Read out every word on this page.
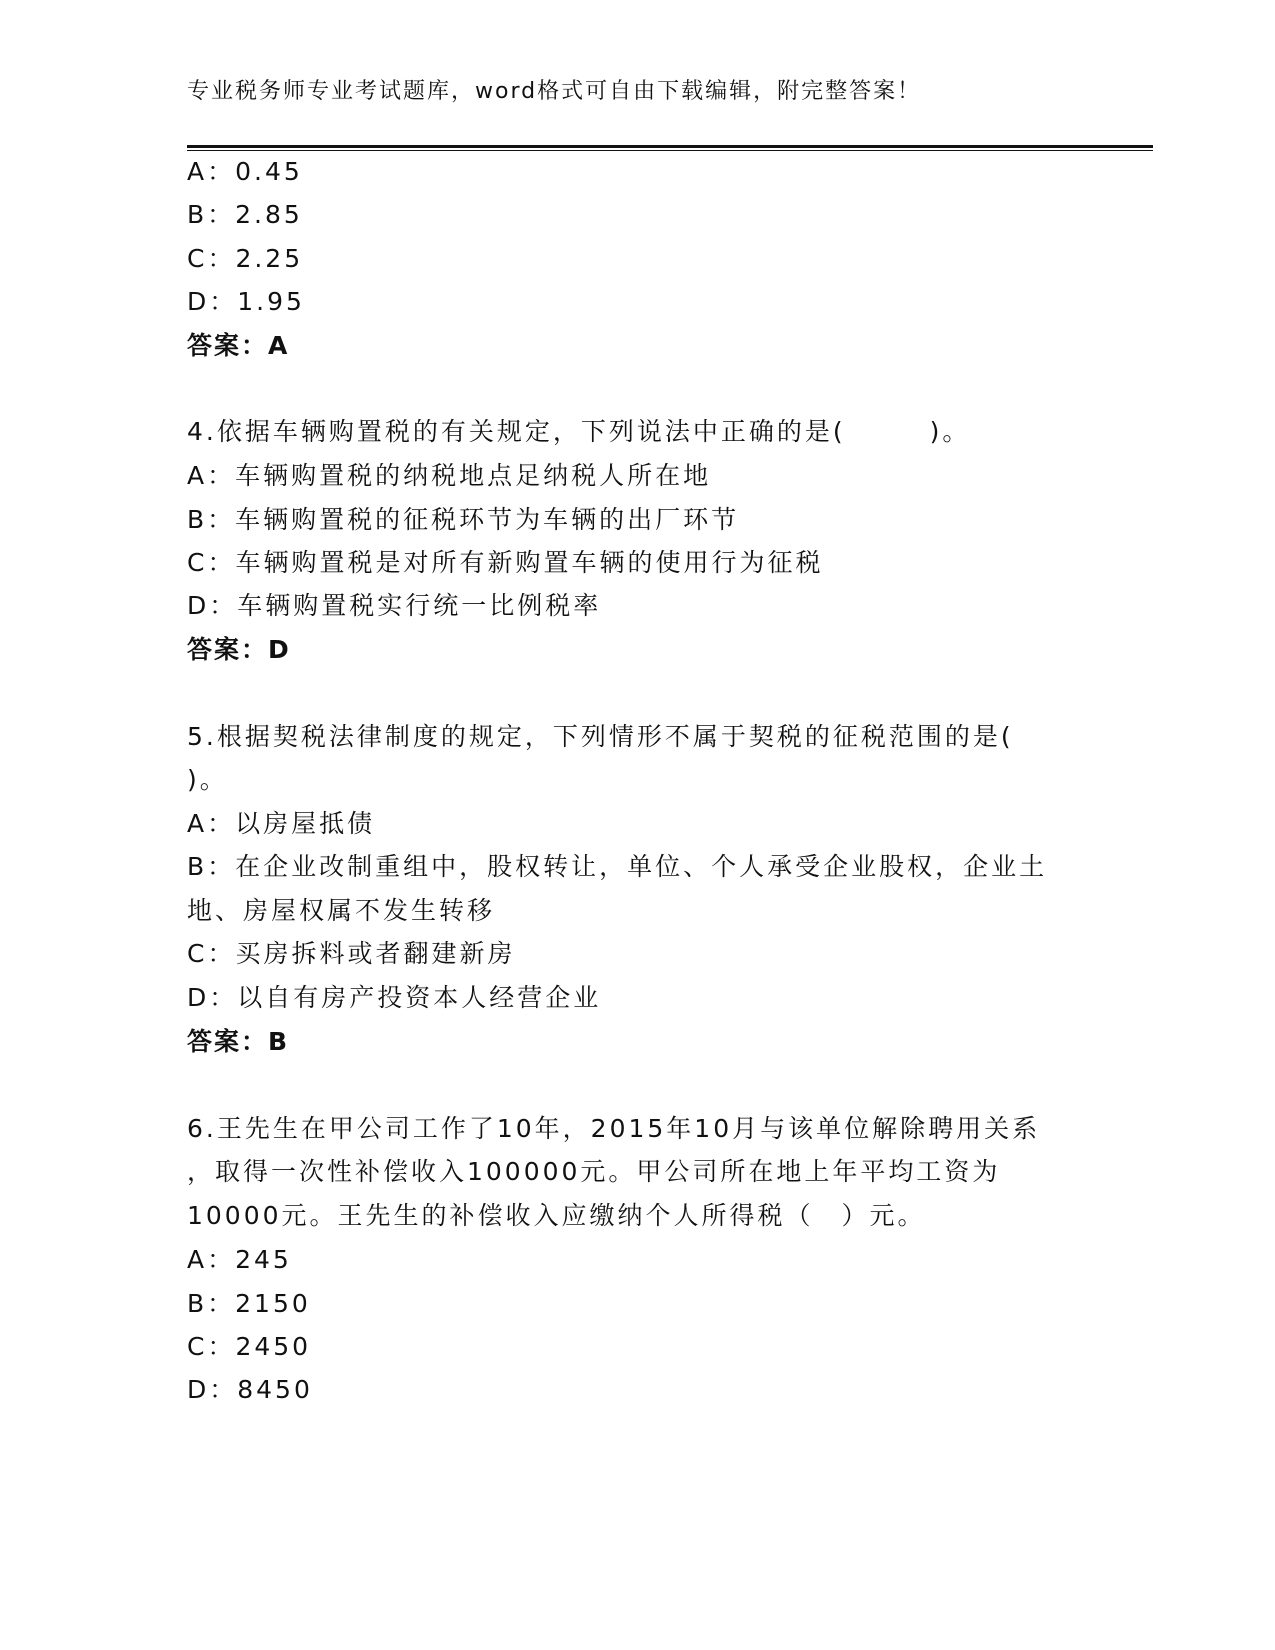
专业税务师专业考试题库，word格式可自由下载编辑，附完整答案！
A：0.45
B：2.85
C：2.25
D：1.95
答案：A
4.依据车辆购置税的有关规定，下列说法中正确的是(　　　)。
A：车辆购置税的纳税地点足纳税人所在地
B：车辆购置税的征税环节为车辆的出厂环节
C：车辆购置税是对所有新购置车辆的使用行为征税
D：车辆购置税实行统一比例税率
答案：D
5.根据契税法律制度的规定，下列情形不属于契税的征税范围的是(
)。
A：以房屋抵债
B：在企业改制重组中，股权转让，单位、个人承受企业股权，企业土
地、房屋权属不发生转移
C：买房拆料或者翻建新房
D：以自有房产投资本人经营企业
答案：B
6.王先生在甲公司工作了10年，2015年10月与该单位解除聘用关系
，取得一次性补偿收入100000元。甲公司所在地上年平均工资为
10000元。王先生的补偿收入应缴纳个人所得税（　）元。
A：245
B：2150
C：2450
D：8450
